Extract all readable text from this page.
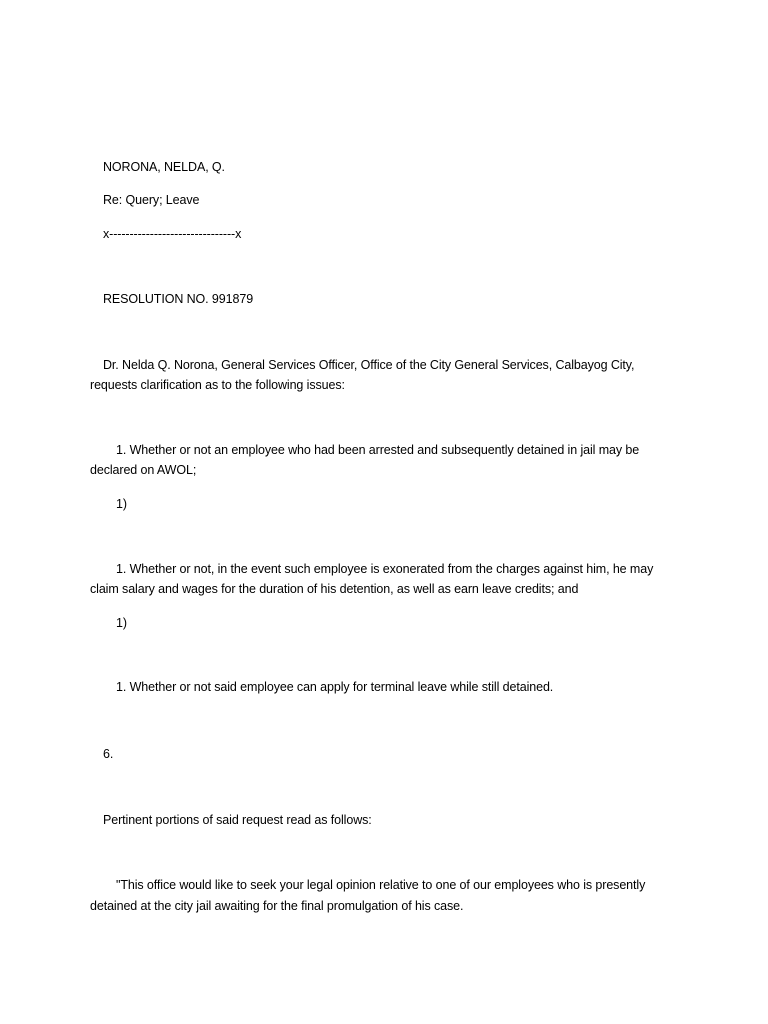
NORONA, NELDA, Q.
Re: Query; Leave
x-------------------------------x
RESOLUTION NO. 991879
Dr. Nelda Q. Norona, General Services Officer, Office of the City General Services, Calbayog City,
requests clarification as to the following issues:
1. Whether or not an employee who had been arrested and subsequently detained in jail may be
declared on AWOL;
1)
1. Whether or not, in the event such employee is exonerated from the charges against him, he may
claim salary and wages for the duration of his detention, as well as earn leave credits; and
1)
1. Whether or not said employee can apply for terminal leave while still detained.
6.
Pertinent portions of said request read as follows:
"This office would like to seek your legal opinion relative to one of our employees who is presently
detained at the city jail awaiting for the final promulgation of his case.
